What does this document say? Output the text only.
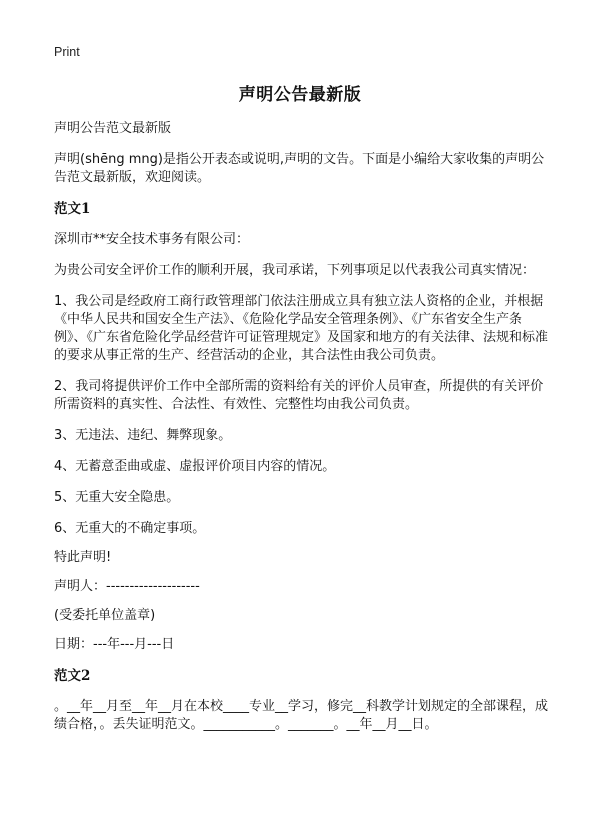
Print
声明公告最新版

声明公告范文最新版

声明(shēng mng)是指公开表态或说明,声明的文告。下面是小编给大家收集的声明公告范文最新版，欢迎阅读。

范文1

深圳市**安全技术事务有限公司：

为贵公司安全评价工作的顺利开展，我司承诺，下列事项足以代表我公司真实情况：

1、我公司是经政府工商行政管理部门依法注册成立具有独立法人资格的企业，并根据《中华人民共和国安全生产法》、《危险化学品安全管理条例》、《广东省安全生产条例》、《广东省危险化学品经营许可证管理规定》及国家和地方的有关法律、法规和标准的要求从事正常的生产、经营活动的企业，其合法性由我公司负责。

2、我司将提供评价工作中全部所需的资料给有关的评价人员审查，所提供的有关评价所需资料的真实性、合法性、有效性、完整性均由我公司负责。

3、无违法、违纪、舞弊现象。

4、无蓄意歪曲或虚、虚报评价项目内容的情况。

5、无重大安全隐患。

6、无重大的不确定事项。

特此声明!

声明人：--------------------

(受委托单位盖章)

日期：---年---月---日

范文2

。__年__月至__年__月在本校____专业__学习，修完__科教学计划规定的全部课程，成绩合格，。丢失证明范文。___________。_______。__年__月__日。
